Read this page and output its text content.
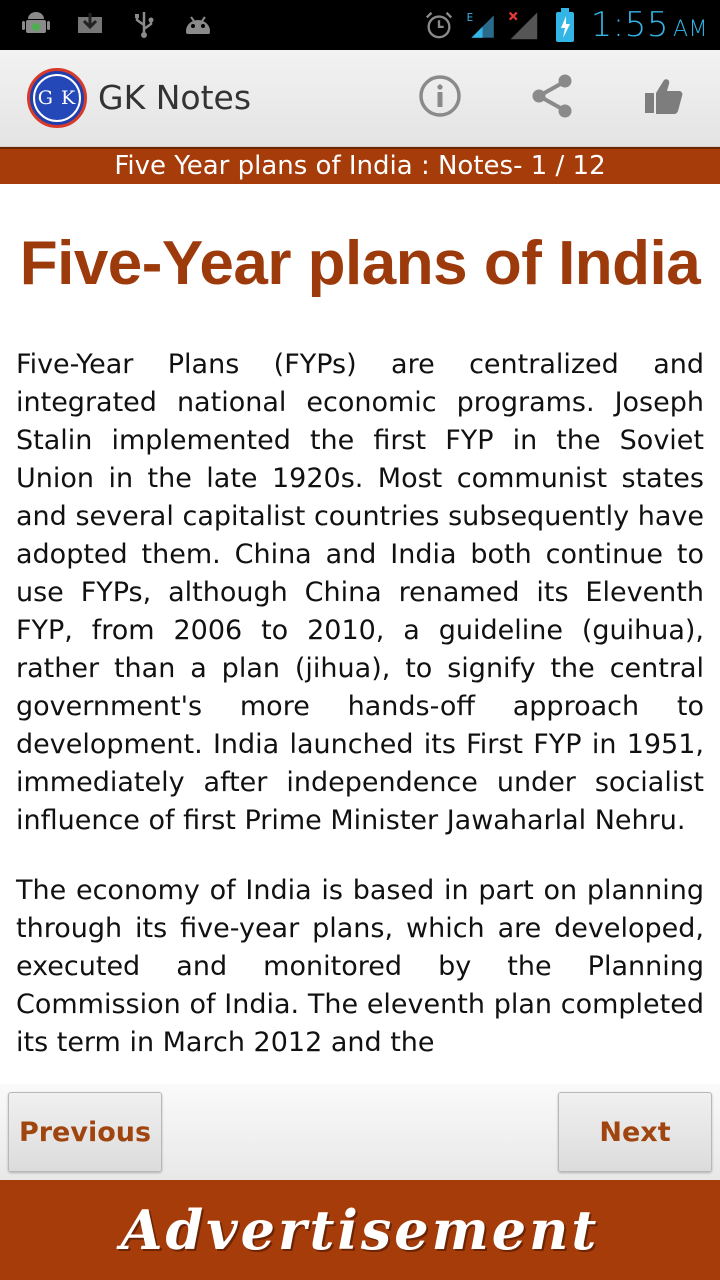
E	1:55 AM
G K GK Notes
Five Year plans of India : Notes- 1 / 12
Five-Year plans of India

Five-Year Plans (FYPs) are centralized and integrated national economic programs. Joseph Stalin implemented the first FYP in the Soviet Union in the late 1920s. Most communist states and several capitalist countries subsequently have adopted them. China and India both continue to use FYPs, although China renamed its Eleventh FYP, from 2006 to 2010, a guideline (guihua), rather than a plan (jihua), to signify the central government's more hands-off approach to development. India launched its First FYP in 1951, immediately after independence under socialist influence of first Prime Minister Jawaharlal Nehru.

The economy of India is based in part on planning through its five-year plans, which are developed, executed and monitored by the Planning Commission of India. The eleventh plan completed its term in March 2012 and the

Previous	Next
Advertisement
